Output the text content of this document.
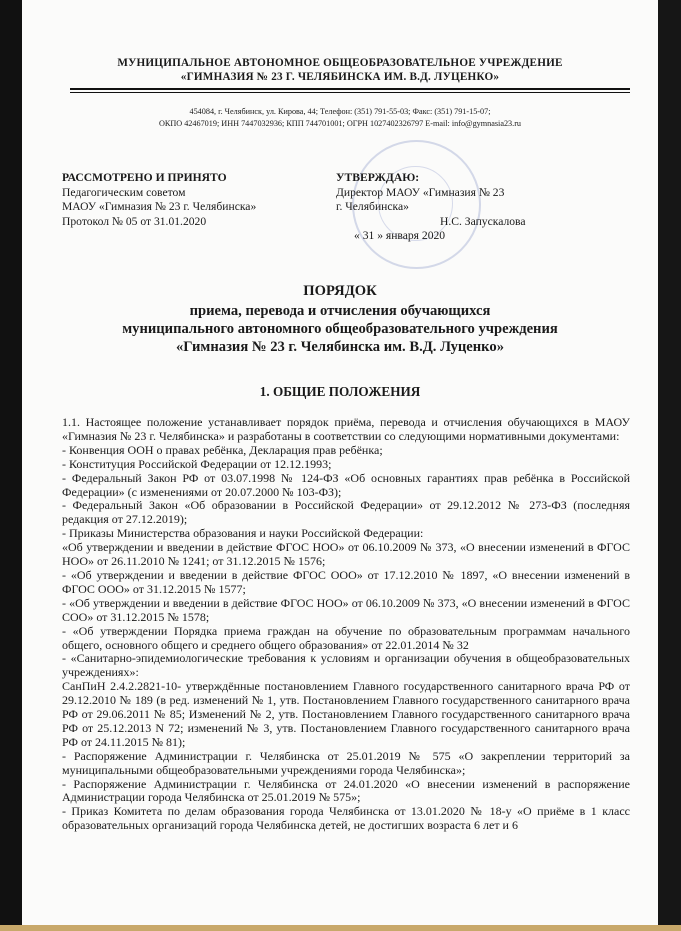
МУНИЦИПАЛЬНОЕ АВТОНОМНОЕ ОБЩЕОБРАЗОВАТЕЛЬНОЕ УЧРЕЖДЕНИЕ
«ГИМНАЗИЯ № 23 Г. ЧЕЛЯБИНСКА ИМ. В.Д. ЛУЦЕНКО»
454084, г. Челябинск, ул. Кирова, 44; Телефон: (351) 791-55-03; Факс: (351) 791-15-07;
ОКПО 42467019; ИНН 7447032936; КПП 744701001; ОГРН 1027402326797 E-mail: info@gymnasia23.ru
РАССМОТРЕНО И ПРИНЯТО
Педагогическим советом
МАОУ «Гимназия № 23 г. Челябинска»
Протокол № 05 от 31.01.2020
УТВЕРЖДАЮ:
Директор МАОУ «Гимназия № 23
г. Челябинска»
Н.С. Запускалова
« 31 » января 2020
ПОРЯДОК
приема, перевода и отчисления обучающихся
муниципального автономного общеобразовательного учреждения
«Гимназия № 23 г. Челябинска им. В.Д. Луценко»
1. ОБЩИЕ ПОЛОЖЕНИЯ

1.1. Настоящее положение устанавливает порядок приёма, перевода и отчисления обучающихся в МАОУ «Гимназия № 23 г. Челябинска» и разработаны в соответствии со следующими нормативными документами:

- Конвенция ООН о правах ребёнка, Декларация прав ребёнка;

- Конституция Российской Федерации от 12.12.1993;

- Федеральный Закон РФ от 03.07.1998 № 124-ФЗ «Об основных гарантиях прав ребёнка в Российской Федерации» (с изменениями от 20.07.2000 № 103-ФЗ);

- Федеральный Закон «Об образовании в Российской Федерации» от 29.12.2012 № 273-ФЗ (последняя редакция от 27.12.2019);

- Приказы Министерства образования и науки Российской Федерации:

«Об утверждении и введении в действие ФГОС НОО» от 06.10.2009 № 373, «О внесении изменений в ФГОС НОО» от 26.11.2010 № 1241; от 31.12.2015 № 1576;

- «Об утверждении и введении в действие ФГОС ООО» от 17.12.2010 № 1897, «О внесении изменений в ФГОС ООО» от 31.12.2015 № 1577;

- «Об утверждении и введении в действие ФГОС НОО» от 06.10.2009 № 373, «О внесении изменений в ФГОС СОО» от 31.12.2015 № 1578;

- «Об утверждении Порядка приема граждан на обучение по образовательным программам начального общего, основного общего и среднего общего образования» от 22.01.2014 № 32

- «Санитарно-эпидемиологические требования к условиям и организации обучения в общеобразовательных учреждениях»:

СанПиН 2.4.2.2821-10- утверждённые постановлением Главного государственного санитарного врача РФ от 29.12.2010 № 189 (в ред. изменений № 1, утв. Постановлением Главного государственного санитарного врача РФ от 29.06.2011 № 85; Изменений № 2, утв. Постановлением Главного государственного санитарного врача РФ от 25.12.2013 N 72; изменений № 3, утв. Постановлением Главного государственного санитарного врача РФ от 24.11.2015 № 81);

- Распоряжение Администрации г. Челябинска от 25.01.2019 № 575 «О закреплении территорий за муниципальными общеобразовательными учреждениями города Челябинска»;

- Распоряжение Администрации г. Челябинска от 24.01.2020 «О внесении изменений в распоряжение Администрации города Челябинска от 25.01.2019 № 575»;

- Приказ Комитета по делам образования города Челябинска от 13.01.2020 № 18-у «О приёме в 1 класс образовательных организаций города Челябинска детей, не достигших возраста 6 лет и 6
